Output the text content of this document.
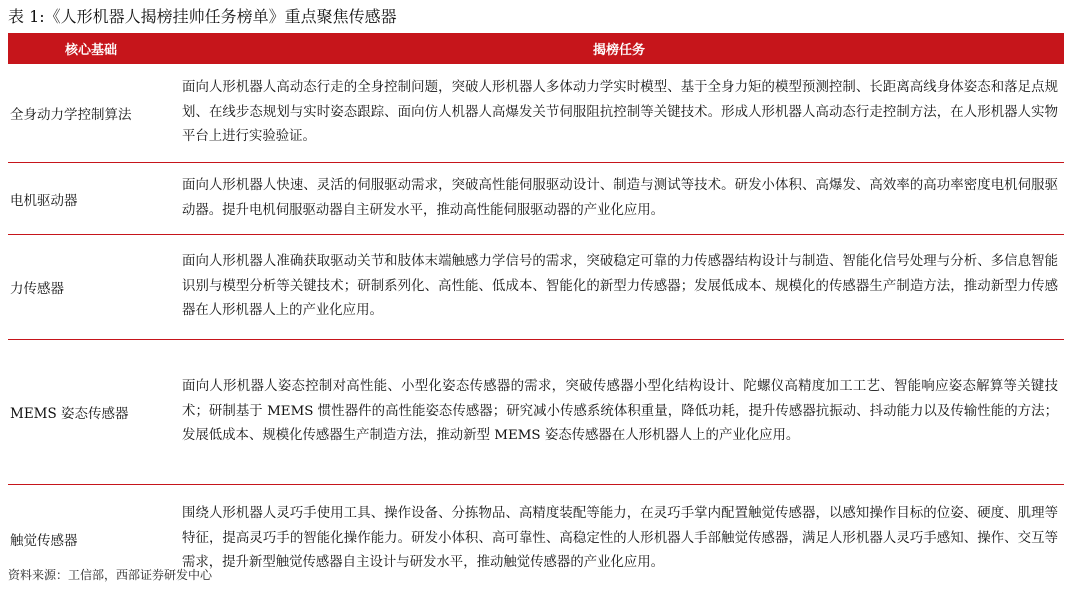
表 1:《人形机器人揭榜挂帅任务榜单》重点聚焦传感器
核心基础	揭榜任务
全身动力学控制算法	面向人形机器人高动态行走的全身控制问题，突破人形机器人多体动力学实时模型、基于全身力矩的模型预测控制、长距离高线身体姿态和落足点规划、在线步态规划与实时姿态跟踪、面向仿人机器人高爆发关节伺服阻抗控制等关键技术。形成人形机器人高动态行走控制方法，在人形机器人实物平台上进行实验验证。
电机驱动器	面向人形机器人快速、灵活的伺服驱动需求，突破高性能伺服驱动设计、制造与测试等技术。研发小体积、高爆发、高效率的高功率密度电机伺服驱动器。提升电机伺服驱动器自主研发水平，推动高性能伺服驱动器的产业化应用。
力传感器	面向人形机器人准确获取驱动关节和肢体末端触感力学信号的需求，突破稳定可靠的力传感器结构设计与制造、智能化信号处理与分析、多信息智能识别与模型分析等关键技术；研制系列化、高性能、低成本、智能化的新型力传感器；发展低成本、规模化的传感器生产制造方法，推动新型力传感器在人形机器人上的产业化应用。
MEMS 姿态传感器	面向人形机器人姿态控制对高性能、小型化姿态传感器的需求，突破传感器小型化结构设计、陀螺仪高精度加工工艺、智能响应姿态解算等关键技术；研制基于 MEMS 惯性器件的高性能姿态传感器；研究减小传感系统体积重量，降低功耗，提升传感器抗振动、抖动能力以及传输性能的方法；发展低成本、规模化传感器生产制造方法，推动新型 MEMS 姿态传感器在人形机器人上的产业化应用。
触觉传感器	围绕人形机器人灵巧手使用工具、操作设备、分拣物品、高精度装配等能力，在灵巧手掌内配置触觉传感器，以感知操作目标的位姿、硬度、肌理等特征，提高灵巧手的智能化操作能力。研发小体积、高可靠性、高稳定性的人形机器人手部触觉传感器，满足人形机器人灵巧手感知、操作、交互等需求，提升新型触觉传感器自主设计与研发水平，推动触觉传感器的产业化应用。
资料来源：工信部，西部证券研发中心
